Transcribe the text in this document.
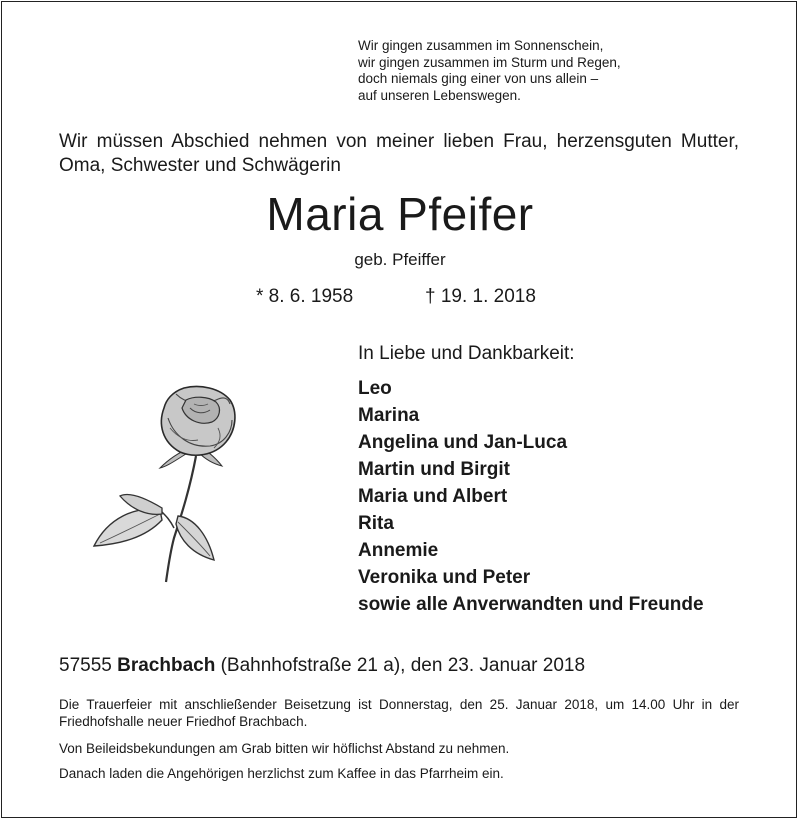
Wir gingen zusammen im Sonnenschein,
wir gingen zusammen im Sturm und Regen,
doch niemals ging einer von uns allein –
auf unseren Lebenswegen.
Wir müssen Abschied nehmen von meiner lieben Frau, herzensguten Mutter, Oma, Schwester und Schwägerin
Maria Pfeifer
geb. Pfeiffer
* 8. 6. 1958	† 19. 1. 2018
In Liebe und Dankbarkeit:
Leo
Marina
Angelina und Jan-Luca
Martin und Birgit
Maria und Albert
Rita
Annemie
Veronika und Peter
sowie alle Anverwandten und Freunde
57555 Brachbach (Bahnhofstraße 21 a), den 23. Januar 2018
Die Trauerfeier mit anschließender Beisetzung ist Donnerstag, den 25. Januar 2018, um 14.00 Uhr in der Friedhofshalle neuer Friedhof Brachbach.
Von Beileidsbekundungen am Grab bitten wir höflichst Abstand zu nehmen.
Danach laden die Angehörigen herzlichst zum Kaffee in das Pfarrheim ein.
